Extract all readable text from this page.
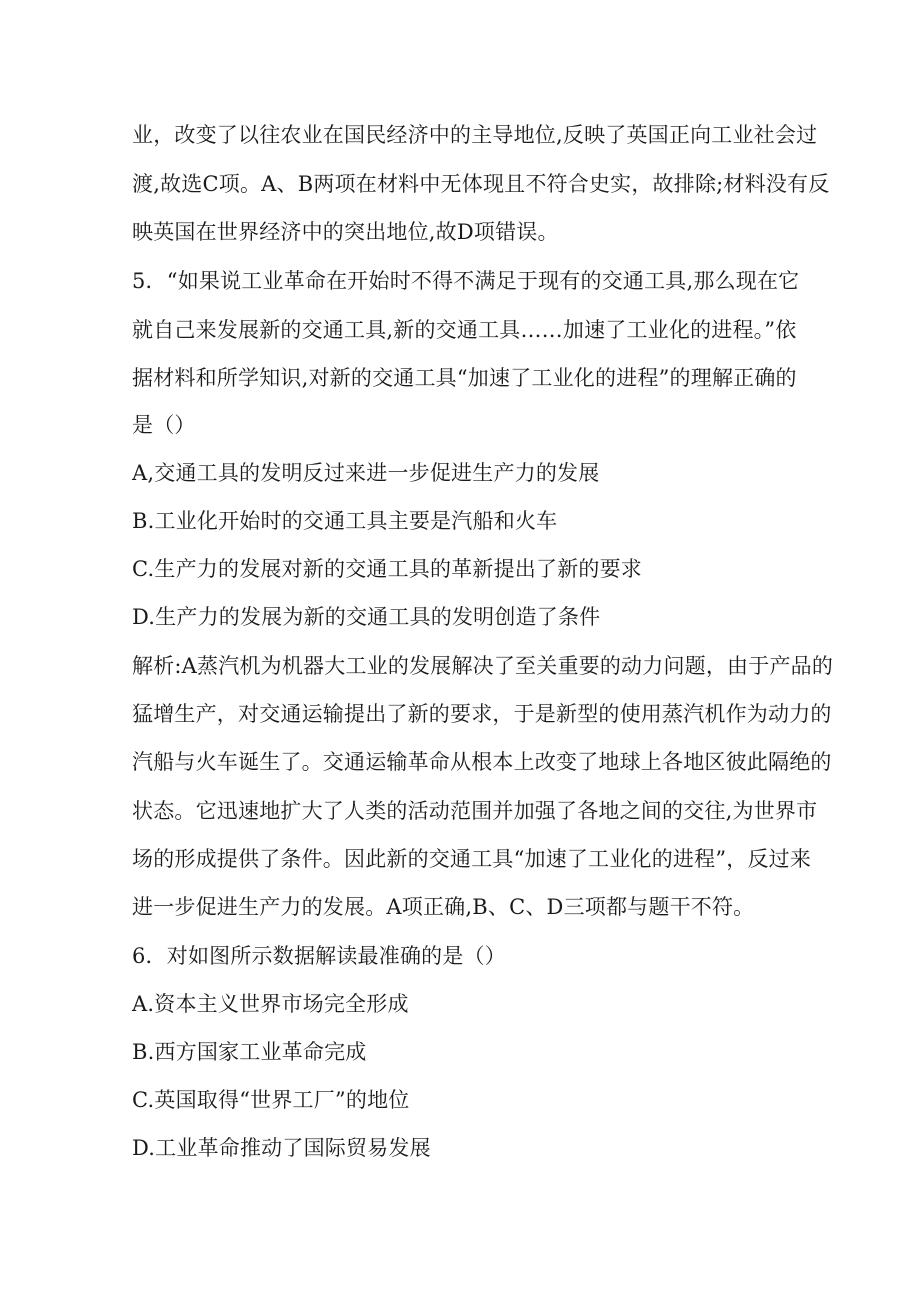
业，改变了以往农业在国民经济中的主导地位,反映了英国正向工业社会过

渡,故选C项。A、B两项在材料中无体现且不符合史实，故排除;材料没有反

映英国在世界经济中的突出地位,故D项错误。

5．“如果说工业革命在开始时不得不满足于现有的交通工具,那么现在它

就自己来发展新的交通工具,新的交通工具……加速了工业化的进程。”依

据材料和所学知识,对新的交通工具“加速了工业化的进程”的理解正确的

是（）

A,交通工具的发明反过来进一步促进生产力的发展

B.工业化开始时的交通工具主要是汽船和火车

C.生产力的发展对新的交通工具的革新提出了新的要求

D.生产力的发展为新的交通工具的发明创造了条件

解析:A蒸汽机为机器大工业的发展解决了至关重要的动力问题，由于产品的

猛增生产，对交通运输提出了新的要求，于是新型的使用蒸汽机作为动力的

汽船与火车诞生了。交通运输革命从根本上改变了地球上各地区彼此隔绝的

状态。它迅速地扩大了人类的活动范围并加强了各地之间的交往,为世界市

场的形成提供了条件。因此新的交通工具“加速了工业化的进程”，反过来

进一步促进生产力的发展。A项正确,B、C、D三项都与题干不符。

6．对如图所示数据解读最准确的是（）

A.资本主义世界市场完全形成

B.西方国家工业革命完成

C.英国取得“世界工厂”的地位

D.工业革命推动了国际贸易发展
